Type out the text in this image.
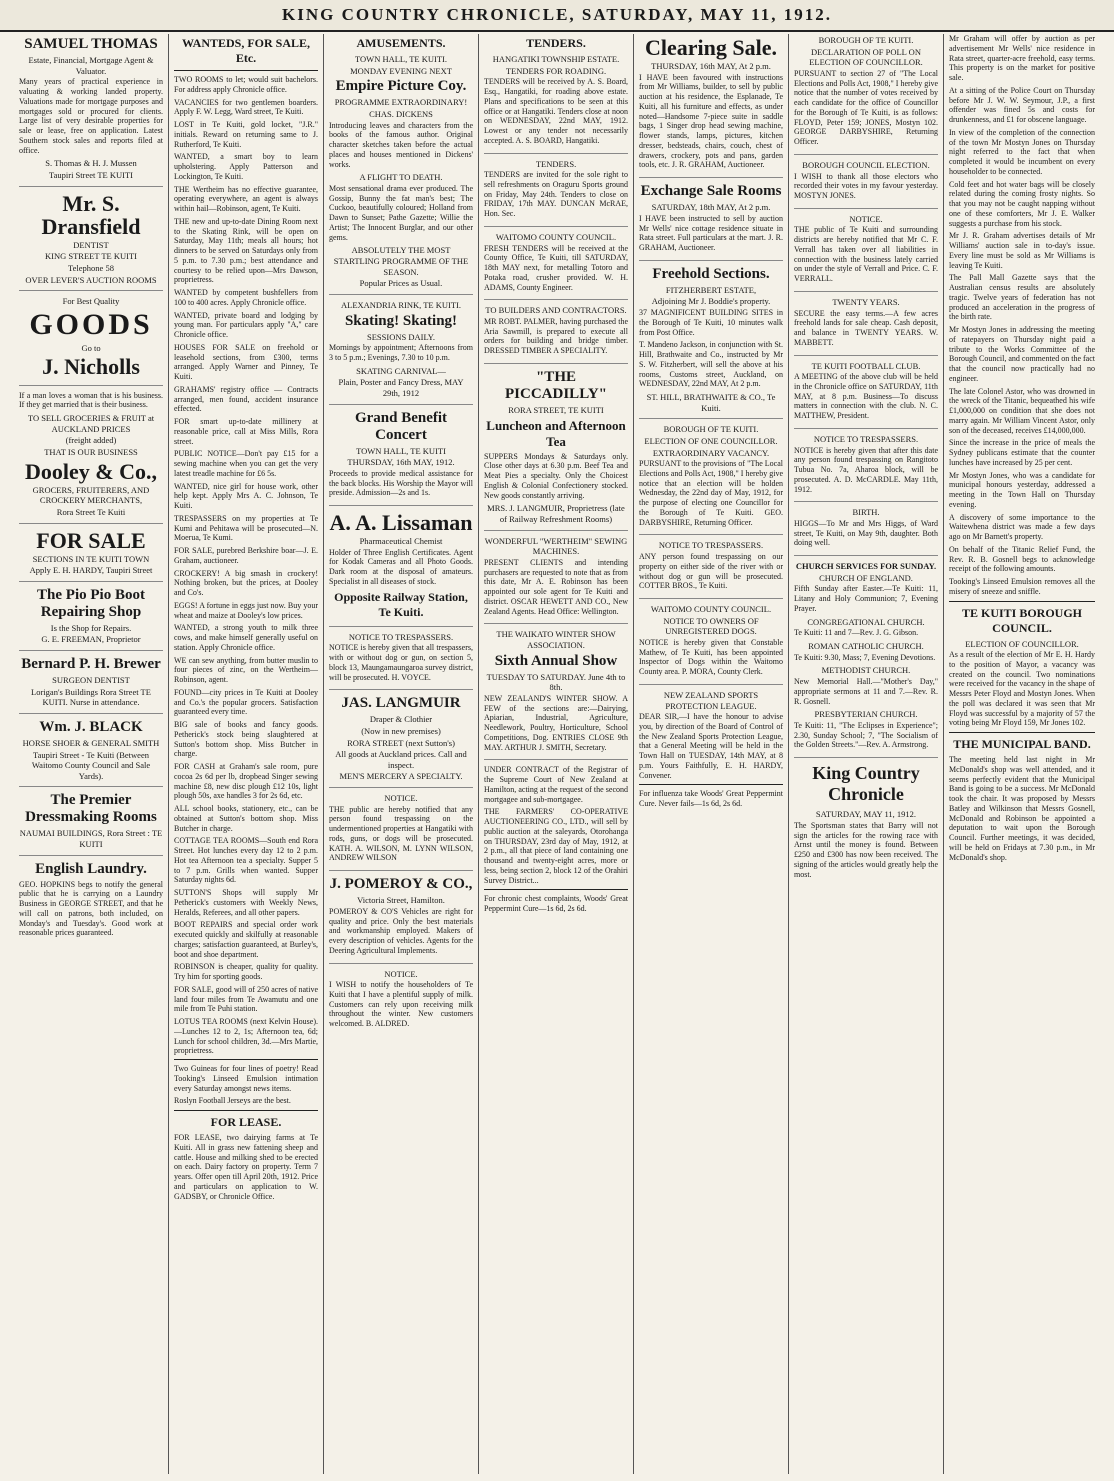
KING COUNTRY CHRONICLE, SATURDAY, MAY 11, 1912.
SAMUEL THOMAS
Estate, Financial, Mortgage Agent & Valuator.
Many years of practical experience in valuating & working landed property. Valuations made for mortgage purposes and mortgages sold or procured for clients. Large list of very desirable properties for sale or lease, free on application. Latest Southern stock sales and reports filed at office.
S. Thomas & H. J. Mussen
Taupiri Street TE KUITI
Mr. S. Dransfield
DENTIST
KING STREET TE KUITI
Telephone 58
OVER LEVER'S AUCTION ROOMS
For Best Quality
GOODS
Go to
J. Nicholls
If a man loves a woman that is his business. If they get married that is their business.
TO SELL GROCERIES & FRUIT at AUCKLAND PRICES
(freight added)
THAT IS OUR BUSINESS
Dooley & Co.,
GROCERS, FRUITERERS, AND CROCKERY MERCHANTS,
Rora Street Te Kuiti
FOR SALE
SECTIONS IN TE KUITI TOWN
Apply E. H. HARDY, Taupiri Street
The Pio Pio Boot Repairing Shop
Is the Shop for Repairs.
G. E. FREEMAN, Proprietor
Bernard P. H. Brewer
SURGEON DENTIST
Lorigan's Buildings Rora Street TE KUITI. Nurse in attendance.
Wm. J. BLACK
HORSE SHOER & GENERAL SMITH
Taupiri Street - Te Kuiti (Between Waitomo County Council and Sale Yards).
The Premier Dressmaking Rooms
NAUMAI BUILDINGS, Rora Street : TE KUITI
English Laundry.
GEO. HOPKINS begs to notify the general public that he is carrying on a Laundry Business in GEORGE STREET, and that he will call on patrons, both included, on Monday's and Tuesday's. Good work at reasonable prices guaranteed.
WANTEDS, FOR SALE, Etc.
TWO ROOMS to let; would suit bachelors. For address apply Chronicle office.
VACANCIES for two gentlemen boarders. Apply F. W. Legg, Ward street, Te Kuiti.
LOST in Te Kuiti, gold locket, "J.R." initials. Reward on returning same to J. Rutherford, Te Kuiti.
WANTED, a smart boy to learn upholstering. Apply Patterson and Lockington, Te Kuiti.
THE Wertheim has no effective guarantee, operating everywhere, an agent is always within hail—Robinson, agent, Te Kuiti.
THE new and up-to-date Dining Room next to the Skating Rink, will be open on Saturday, May 11th; meals all hours; hot dinners to be served on Saturdays only from 5 p.m. to 7.30 p.m.; best attendance and courtesy to be relied upon—Mrs Dawson, proprietress.
WANTED by competent bushfellers from 100 to 400 acres. Apply Chronicle office.
WANTED, private board and lodging by young man. For particulars apply "A," care Chronicle office.
HOUSES FOR SALE on freehold or leasehold sections, from £300, terms arranged. Apply Warner and Pinney, Te Kuiti.
GRAHAMS' registry office — Contracts arranged, men found, accident insurance effected.
FOR smart up-to-date millinery at reasonable price, call at Miss Mills, Rora street.
PUBLIC NOTICE—Don't pay £15 for a sewing machine when you can get the very latest treadle machine for £6 5s.
WANTED, nice girl for house work, other help kept. Apply Mrs A. C. Johnson, Te Kuiti.
TRESPASSERS on my properties at Te Kumi and Pehitawa will be prosecuted—N. Moerua, Te Kumi.
FOR SALE, purebred Berkshire boar—J. E. Graham, auctioneer.
CROCKERY! A big smash in crockery! Nothing broken, but the prices, at Dooley and Co's.
EGGS! A fortune in eggs just now. Buy your wheat and maize at Dooley's low prices.
WANTED, a strong youth to milk three cows, and make himself generally useful on station. Apply Chronicle office.
WE can sew anything, from butter muslin to four pieces of zinc, on the Wertheim—Robinson, agent.
FOUND—city prices in Te Kuiti at Dooley and Co.'s the popular grocers. Satisfaction guaranteed every time.
BIG sale of books and fancy goods. Petherick's stock being slaughtered at Sutton's bottom shop. Miss Butcher in charge.
FOR CASH at Graham's sale room, pure cocoa 2s 6d per lb, dropbead Singer sewing machine £8, new disc plough £12 10s, light plough 50s, axe handles 3 for 2s 6d, etc.
ALL school books, stationery, etc., can be obtained at Sutton's bottom shop. Miss Butcher in charge.
COTTAGE TEA ROOMS—South end Rora Street. Hot lunches every day 12 to 2 p.m. Hot tea Afternoon tea a specialty. Supper 5 to 7 p.m. Grills when wanted. Supper Saturday nights 6d.
SUTTON'S Shops will supply Mr Petherick's customers with Weekly News, Heralds, Referees, and all other papers.
BOOT REPAIRS and special order work executed quickly and skilfully at reasonable charges; satisfaction guaranteed, at Burley's, boot and shoe department.
ROBINSON is cheaper, quality for quality. Try him for sporting goods.
FOR SALE, good will of 250 acres of native land four miles from Te Awamutu and one mile from Te Puhi station.
LOTUS TEA ROOMS (next Kelvin House).—Lunches 12 to 2, 1s; Afternoon tea, 6d; Lunch for school children, 3d.—Mrs Martie, proprietress.
Two Guineas for four lines of poetry! Read Tooking's Linseed Emulsion intimation every Saturday amongst news items.
Roslyn Football Jerseys are the best.
FOR LEASE.
FOR LEASE, two dairying farms at Te Kuiti. All in grass new fattening sheep and cattle. House and milking shed to be erected on each. Dairy factory on property. Term 7 years. Offer open till April 20th, 1912. Price and particulars on application to W. GADSBY, or Chronicle Office.
AMUSEMENTS.
TOWN HALL, TE KUITI.
MONDAY EVENING NEXT
Empire Picture Coy.
PROGRAMME EXTRAORDINARY!
CHAS. DICKENS
Introducing leaves and characters from the books of the famous author. Original character sketches taken before the actual places and houses mentioned in Dickens' works.
A FLIGHT TO DEATH.
Most sensational drama ever produced. The Gossip, Bunny the fat man's best; The Cuckoo, beautifully coloured; Holland from Dawn to Sunset; Pathe Gazette; Willie the Artist; The Innocent Burglar, and our other gems.
ABSOLUTELY THE MOST STARTLING PROGRAMME OF THE SEASON.
Popular Prices as Usual.
ALEXANDRIA RINK, TE KUITI.
Skating! Skating!
SESSIONS DAILY.
Mornings by appointment; Afternoons from 3 to 5 p.m.; Evenings, 7.30 to 10 p.m.
SKATING CARNIVAL—
Plain, Poster and Fancy Dress, MAY 29th, 1912
Grand Benefit Concert
TOWN HALL, TE KUITI
THURSDAY, 16th MAY, 1912.
Proceeds to provide medical assistance for the back blocks. His Worship the Mayor will preside. Admission—2s and 1s.
A. A. Lissaman
Pharmaceutical Chemist
Holder of Three English Certificates. Agent for Kodak Cameras and all Photo Goods. Dark room at the disposal of amateurs. Specialist in all diseases of stock.
Opposite Railway Station, Te Kuiti.
NOTICE TO TRESPASSERS.
NOTICE is hereby given that all trespassers, with or without dog or gun, on section 5, block 13, Maungamaungaroa survey district, will be prosecuted. H. VOYCE.
JAS. LANGMUIR
Draper & Clothier
(Now in new premises)
RORA STREET (next Sutton's)
All goods at Auckland prices. Call and inspect.
MEN'S MERCERY A SPECIALTY.
NOTICE.
THE public are hereby notified that any person found trespassing on the undermentioned properties at Hangatiki with rods, guns, or dogs will be prosecuted. KATH. A. WILSON, M. LYNN WILSON, ANDREW WILSON
J. POMEROY & CO.,
Victoria Street, Hamilton.
POMEROY & CO'S Vehicles are right for quality and price. Only the best materials and workmanship employed. Makers of every description of vehicles. Agents for the Deering Agricultural Implements.
NOTICE.
I WISH to notify the householders of Te Kuiti that I have a plentiful supply of milk. Customers can rely upon receiving milk throughout the winter. New customers welcomed. B. ALDRED.
TENDERS.
HANGATIKI TOWNSHIP ESTATE.
TENDERS FOR ROADING.
TENDERS will be received by A. S. Board, Esq., Hangatiki, for roading above estate. Plans and specifications to be seen at this office or at Hangatiki. Tenders close at noon on WEDNESDAY, 22nd MAY, 1912. Lowest or any tender not necessarily accepted. A. S. BOARD, Hangatiki.
TENDERS.
TENDERS are invited for the sole right to sell refreshments on Oraguru Sports ground on Friday, May 24th. Tenders to close on FRIDAY, 17th MAY. DUNCAN McRAE, Hon. Sec.
WAITOMO COUNTY COUNCIL.
FRESH TENDERS will be received at the County Office, Te Kuiti, till SATURDAY, 18th MAY next, for metalling Totoro and Potaka road, crusher provided. W. H. ADAMS, County Engineer.
TO BUILDERS AND CONTRACTORS.
MR ROBT. PALMER, having purchased the Aria Sawmill, is prepared to execute all orders for building and bridge timber. DRESSED TIMBER A SPECIALITY.
"THE PICCADILLY"
RORA STREET, TE KUITI
Luncheon and Afternoon Tea
SUPPERS Mondays & Saturdays only. Close other days at 6.30 p.m. Beef Tea and Meat Pies a specialty. Only the Choicest English & Colonial Confectionery stocked. New goods constantly arriving.
MRS. J. LANGMUIR, Proprietress (late of Railway Refreshment Rooms)
WONDERFUL "WERTHEIM" SEWING MACHINES.
PRESENT CLIENTS and intending purchasers are requested to note that as from this date, Mr A. E. Robinson has been appointed our sole agent for Te Kuiti and district. OSCAR HEWETT AND CO., New Zealand Agents. Head Office: Wellington.
THE WAIKATO WINTER SHOW ASSOCIATION.
Sixth Annual Show
TUESDAY TO SATURDAY. June 4th to 8th.
NEW ZEALAND'S WINTER SHOW. A FEW of the sections are:—Dairying, Apiarian, Industrial, Agriculture, Needlework, Poultry, Horticulture, School Competitions, Dog. ENTRIES CLOSE 9th MAY. ARTHUR J. SMITH, Secretary.
UNDER CONTRACT of the Registrar of the Supreme Court of New Zealand at Hamilton, acting at the request of the second mortgagee and sub-mortgagee.
THE FARMERS' CO-OPERATIVE AUCTIONEERING CO., LTD., will sell by public auction at the saleyards, Otorohanga on THURSDAY, 23rd day of May, 1912, at 2 p.m., all that piece of land containing one thousand and twenty-eight acres, more or less, being section 2, block 12 of the Orahiri Survey District...
For chronic chest complaints, Woods' Great Peppermint Cure—1s 6d, 2s 6d.
Clearing Sale.
THURSDAY, 16th MAY, At 2 p.m.
I HAVE been favoured with instructions from Mr Williams, builder, to sell by public auction at his residence, the Esplanade, Te Kuiti, all his furniture and effects, as under noted—Handsome 7-piece suite in saddle bags, 1 Singer drop head sewing machine, flower stands, lamps, pictures, kitchen dresser, bedsteads, chairs, couch, chest of drawers, crockery, pots and pans, garden tools, etc. J. R. GRAHAM, Auctioneer.
Exchange Sale Rooms
SATURDAY, 18th MAY, At 2 p.m.
I HAVE been instructed to sell by auction Mr Wells' nice cottage residence situate in Rata street. Full particulars at the mart. J. R. GRAHAM, Auctioneer.
Freehold Sections.
FITZHERBERT ESTATE,
Adjoining Mr J. Boddie's property.
37 MAGNIFICENT BUILDING SITES in the Borough of Te Kuiti, 10 minutes walk from Post Office.
T. Mandeno Jackson, in conjunction with St. Hill, Brathwaite and Co., instructed by Mr S. W. Fitzherbert, will sell the above at his rooms, Customs street, Auckland, on WEDNESDAY, 22nd MAY, At 2 p.m.
ST. HILL, BRATHWAITE & CO., Te Kuiti.
BOROUGH OF TE KUITI.
ELECTION OF ONE COUNCILLOR.
EXTRAORDINARY VACANCY.
PURSUANT to the provisions of "The Local Elections and Polls Act, 1908," I hereby give notice that an election will be holden Wednesday, the 22nd day of May, 1912, for the purpose of electing one Councillor for the Borough of Te Kuiti. GEO. DARBYSHIRE, Returning Officer.
NOTICE TO TRESPASSERS.
ANY person found trespassing on our property on either side of the river with or without dog or gun will be prosecuted. COTTER BROS., Te Kuiti.
WAITOMO COUNTY COUNCIL.
NOTICE TO OWNERS OF UNREGISTERED DOGS.
NOTICE is hereby given that Constable Mathew, of Te Kuiti, has been appointed Inspector of Dogs within the Waitomo County area. P. MORA, County Clerk.
NEW ZEALAND SPORTS PROTECTION LEAGUE.
DEAR SIR,—I have the honour to advise you, by direction of the Board of Control of the New Zealand Sports Protection League, that a General Meeting will be held in the Town Hall on TUESDAY, 14th MAY, at 8 p.m. Yours Faithfully, E. H. HARDY, Convener.
For influenza take Woods' Great Peppermint Cure. Never fails—1s 6d, 2s 6d.
BOROUGH OF TE KUITI.
DECLARATION OF POLL ON ELECTION OF COUNCILLOR.
PURSUANT to section 27 of "The Local Elections and Polls Act, 1908," I hereby give notice that the number of votes received by each candidate for the office of Councillor for the Borough of Te Kuiti, is as follows: FLOYD, Peter 159; JONES, Mostyn 102. GEORGE DARBYSHIRE, Returning Officer.
BOROUGH COUNCIL ELECTION.
I WISH to thank all those electors who recorded their votes in my favour yesterday. MOSTYN JONES.
NOTICE.
THE public of Te Kuiti and surrounding districts are hereby notified that Mr C. F. Verrall has taken over all liabilities in connection with the business lately carried on under the style of Verrall and Price. C. F. VERRALL.
TWENTY YEARS.
SECURE the easy terms.—A few acres freehold lands for sale cheap. Cash deposit, and balance in TWENTY YEARS. W. MABBETT.
TE KUITI FOOTBALL CLUB.
A MEETING of the above club will be held in the Chronicle office on SATURDAY, 11th MAY, at 8 p.m. Business—To discuss matters in connection with the club. N. C. MATTHEW, President.
NOTICE TO TRESPASSERS.
NOTICE is hereby given that after this date any person found trespassing on Rangitoto Tubua No. 7a, Aharoa block, will be prosecuted. A. D. McCARDLE. May 11th, 1912.
BIRTH.
HIGGS—To Mr and Mrs Higgs, of Ward street, Te Kuiti, on May 9th, daughter. Both doing well.
CHURCH SERVICES FOR SUNDAY.
CHURCH OF ENGLAND.
Fifth Sunday after Easter.—Te Kuiti: 11, Litany and Holy Communion; 7, Evening Prayer.
CONGREGATIONAL CHURCH.
Te Kuiti: 11 and 7—Rev. J. G. Gibson.
ROMAN CATHOLIC CHURCH.
Te Kuiti: 9.30, Mass; 7, Evening Devotions.
METHODIST CHURCH.
New Memorial Hall.—"Mother's Day," appropriate sermons at 11 and 7.—Rev. R. R. Gosnell.
PRESBYTERIAN CHURCH.
Te Kuiti: 11, "The Eclipses in Experience"; 2.30, Sunday School; 7, "The Socialism of the Golden Streets."—Rev. A. Armstrong.
King Country Chronicle
SATURDAY, MAY 11, 1912.
The Sportsman states that Barry will not sign the articles for the rowing race with Arnst until the money is found. Between £250 and £300 has now been received. The signing of the articles would greatly help the most.
Mr Graham will offer by auction as per advertisement Mr Wells' nice residence in Rata street, quarter-acre freehold, easy terms. This property is on the market for positive sale.
At a sitting of the Police Court on Thursday before Mr J. W. W. Seymour, J.P., a first offender was fined 5s and costs for drunkenness, and £1 for obscene language.
In view of the completion of the connection of the town Mr Mostyn Jones on Thursday night referred to the fact that when completed it would be incumbent on every householder to be connected.
Cold feet and hot water bags will be closely related during the coming frosty nights. So that you may not be caught napping without one of these comforters, Mr J. E. Walker suggests a purchase from his stock.
Mr J. R. Graham advertises details of Mr Williams' auction sale in to-day's issue. Every line must be sold as Mr Williams is leaving Te Kuiti.
The Pall Mall Gazette says that the Australian census results are absolutely tragic. Twelve years of federation has not produced an acceleration in the progress of the birth rate.
Mr Mostyn Jones in addressing the meeting of ratepayers on Thursday night paid a tribute to the Works Committee of the Borough Council, and commented on the fact that the council now practically had no engineer.
The late Colonel Astor, who was drowned in the wreck of the Titanic, bequeathed his wife £1,000,000 on condition that she does not marry again. Mr William Vincent Astor, only son of the deceased, receives £14,000,000.
Since the increase in the price of meals the Sydney publicans estimate that the counter lunches have increased by 25 per cent.
Mr Mostyn Jones, who was a candidate for municipal honours yesterday, addressed a meeting in the Town Hall on Thursday evening.
A discovery of some importance to the Waitewhena district was made a few days ago on Mr Barnett's property.
On behalf of the Titanic Relief Fund, the Rev. R. B. Gosnell begs to acknowledge receipt of the following amounts.
Tooking's Linseed Emulsion removes all the misery of sneeze and sniffle.
TE KUITI BOROUGH COUNCIL.
ELECTION OF COUNCILLOR.
As a result of the election of Mr E. H. Hardy to the position of Mayor, a vacancy was created on the council. Two nominations were received for the vacancy in the shape of Messrs Peter Floyd and Mostyn Jones. When the poll was declared it was seen that Mr Floyd was successful by a majority of 57 the voting being Mr Floyd 159, Mr Jones 102.
THE MUNICIPAL BAND.
The meeting held last night in Mr McDonald's shop was well attended, and it seems perfectly evident that the Municipal Band is going to be a success. Mr McDonald took the chair. It was proposed by Messrs Batley and Wilkinson that Messrs Gosnell, McDonald and Robinson be appointed a deputation to wait upon the Borough Council. Further meetings, it was decided, will be held on Fridays at 7.30 p.m., in Mr McDonald's shop.
